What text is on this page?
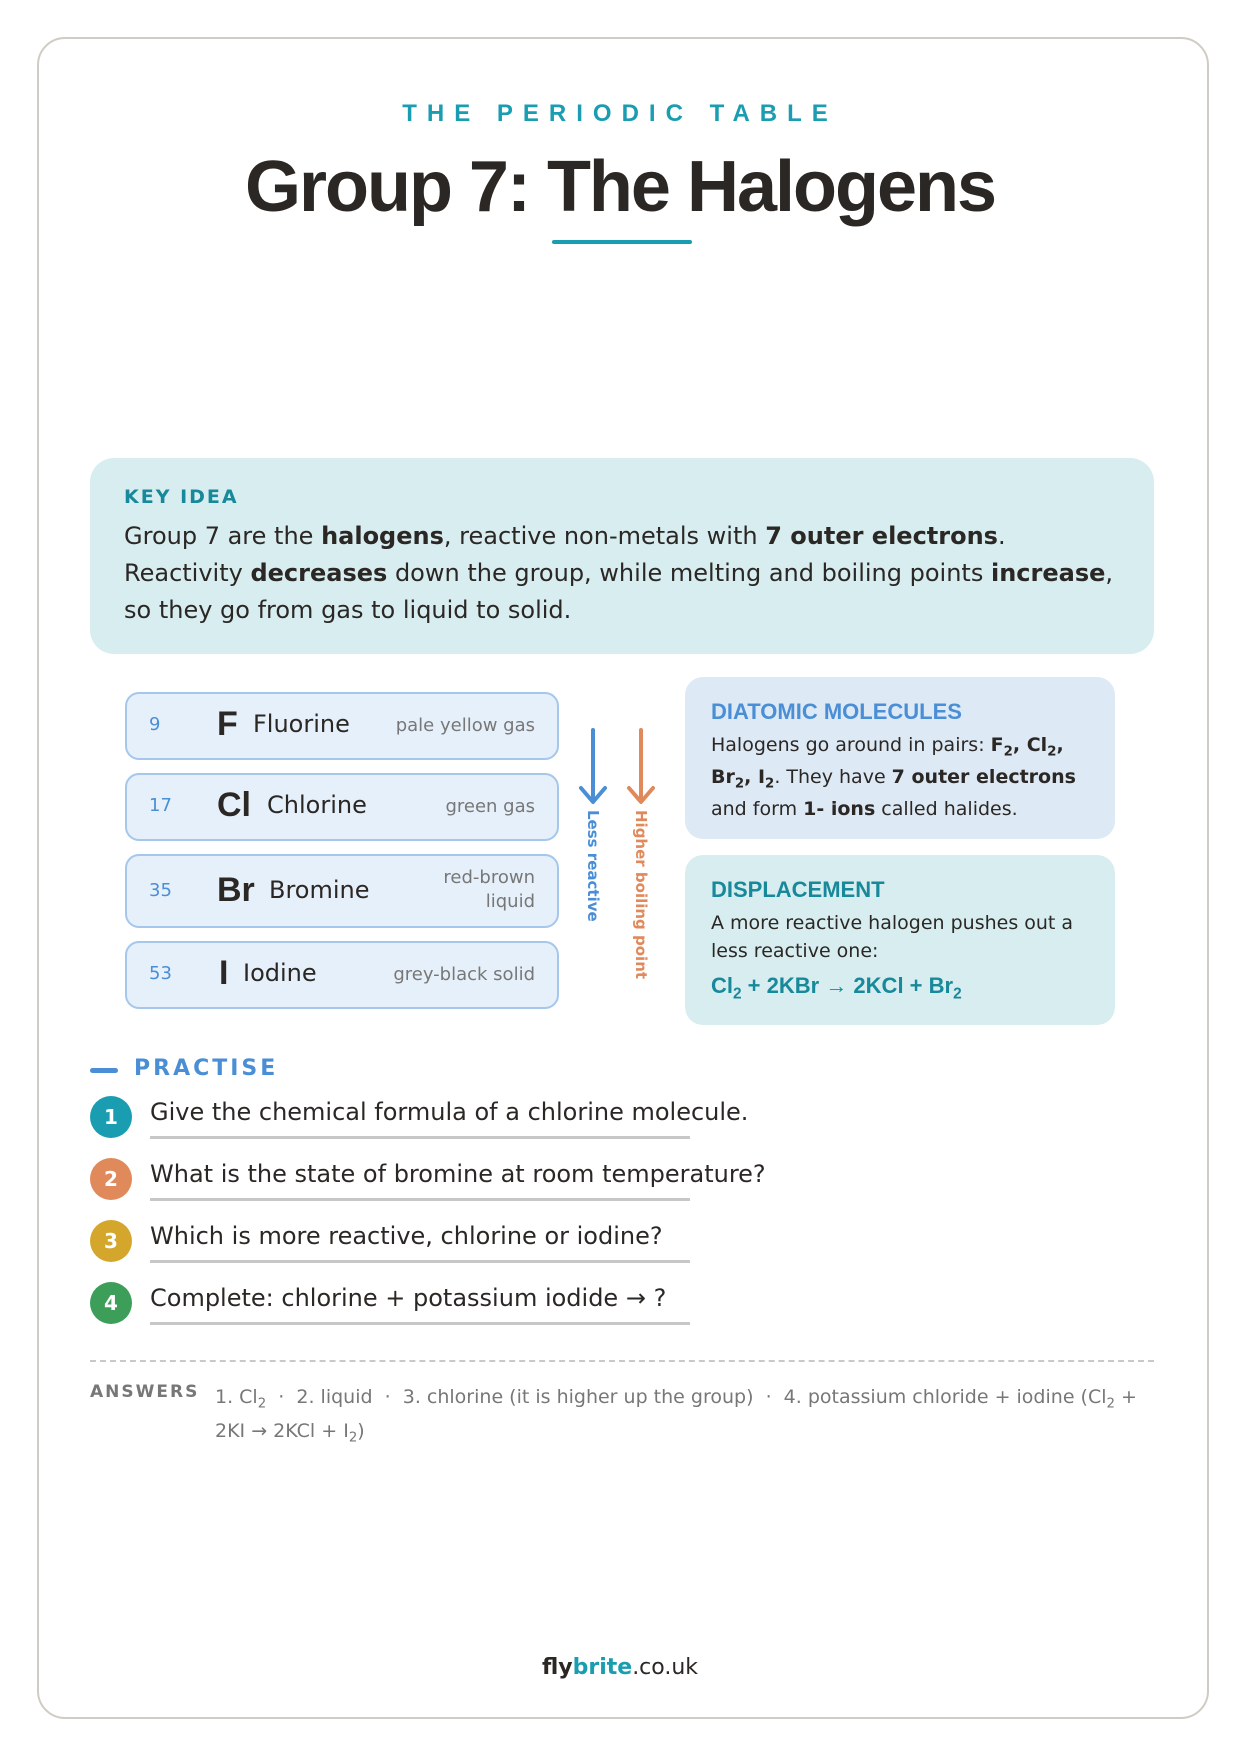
THE PERIODIC TABLE
Group 7: The Halogens
KEY IDEA
Group 7 are the halogens, reactive non-metals with 7 outer electrons. Reactivity decreases down the group, while melting and boiling points increase, so they go from gas to liquid to solid.
9 F Fluorine	pale yellow gas
17 Cl Chlorine	green gas
35 Br Bromine	red-brown
liquid
53 I Iodine	grey-black solid
Less reactive Higher boiling point
DIATOMIC MOLECULES
Halogens go around in pairs: $F_2$, $Cl_2$, $Br_2$, $I_2$. They have 7 outer electrons and form 1- ions called halides.
DISPLACEMENT
A more reactive halogen pushes out a less reactive one:
$Cl_2 + 2KBr \to 2KCl + Br_2$
PRACTISE
1	Give the chemical formula of a chlorine molecule.
2	What is the state of bromine at room temperature?
3	Which is more reactive, chlorine or iodine?
4	Complete: chlorine + potassium iodide → ?
ANSWERS 1. $Cl_2 \cdot 2$. liquid  ·  3. chlorine (it is higher up the group)  ·  4. potassium chloride + iodine $(Cl_2 + 2KI \to 2KCl + I_2)$
flybrite.co.uk
